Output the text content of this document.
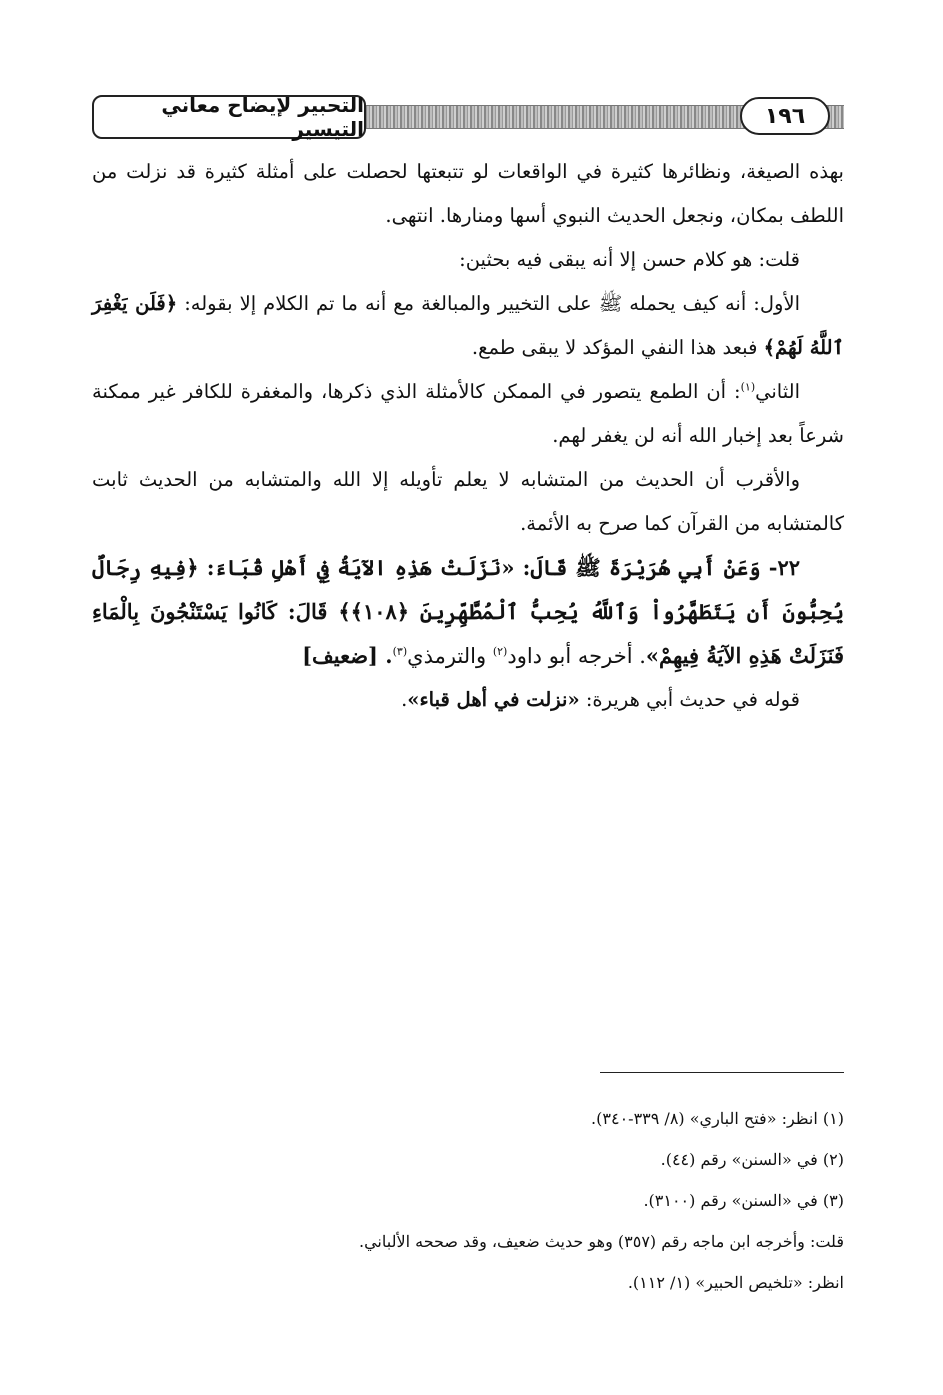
التحبير لإيضاح معاني التيسير
١٩٦

بهذه الصيغة، ونظائرها كثيرة في الواقعات لو تتبعتها لحصلت على أمثلة كثيرة قد نزلت من اللطف بمكان، ونجعل الحديث النبوي أسها ومنارها. انتهى.

قلت: هو كلام حسن إلا أنه يبقى فيه بحثين:

الأول: أنه كيف يحمله ﷺ على التخيير والمبالغة مع أنه ما تم الكلام إلا بقوله: ﴿فَلَن يَغْفِرَ ٱللَّهُ لَهُمْ﴾ فبعد هذا النفي المؤكد لا يبقى طمع.

الثاني$^{(١)}$: أن الطمع يتصور في الممكن كالأمثلة الذي ذكرها، والمغفرة للكافر غير ممكنة شرعاً بعد إخبار الله أنه لن يغفر لهم.

والأقرب أن الحديث من المتشابه لا يعلم تأويله إلا الله والمتشابه من الحديث ثابت كالمتشابه من القرآن كما صرح به الأئمة.

٢٢- وَعَنْ أَبِي هُرَيْرَةَ ﷺ قَالَ: «نَزَلَتْ هَذِهِ الآيَةُ فِي أَهْلِ قُبَاءَ: ﴿فِيهِ رِجَالٌ يُحِبُّونَ أَن يَتَطَهَّرُواْ وَٱللَّهُ يُحِبُّ ٱلْمُطَّهِّرِينَ ﴿١٠٨﴾﴾ قَالَ: كَانُوا يَسْتَنْجُونَ بِالْمَاءِ فَنَزَلَتْ هَذِهِ الآيَةُ فِيهِمْ». أخرجه أبو داود$^{(٢)}$ والترمذي$^{(٣)}$. [ضعيف]

قوله في حديث أبي هريرة: «نزلت في أهل قباء».

(١) انظر: «فتح الباري» (٨/ ٣٣٩-٣٤٠).

(٢) في «السنن» رقم (٤٤).

(٣) في «السنن» رقم (٣١٠٠).

قلت: وأخرجه ابن ماجه رقم (٣٥٧) وهو حديث ضعيف، وقد صححه الألباني.

انظر: «تلخيص الحبير» (١/ ١١٢).
